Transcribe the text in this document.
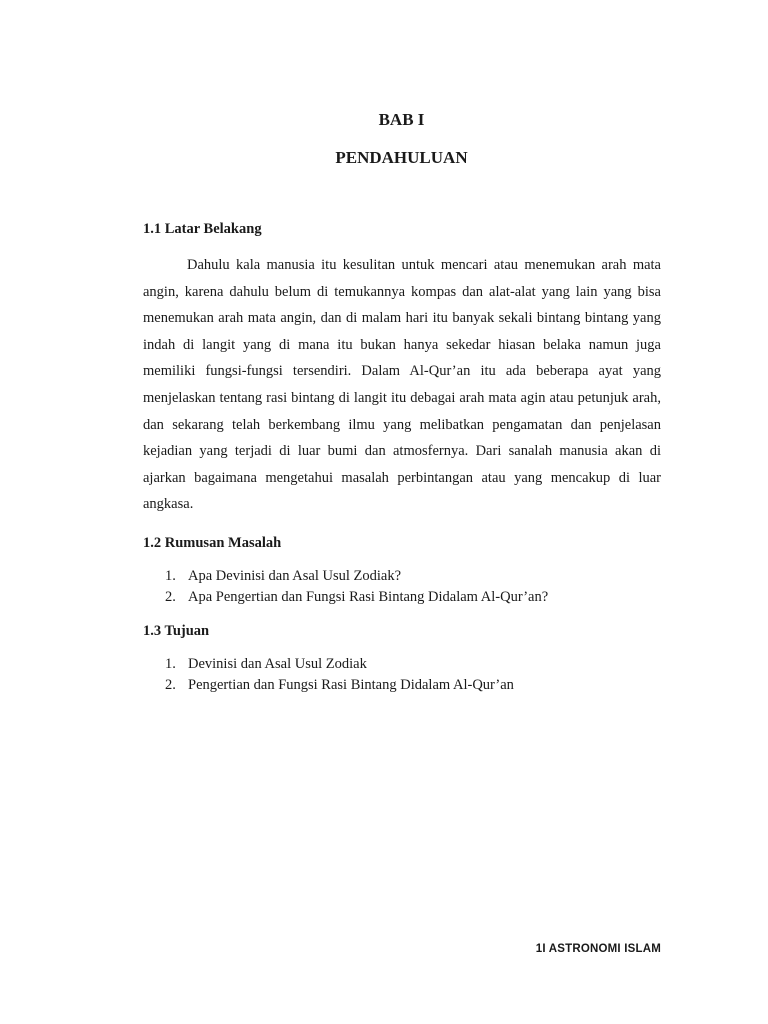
BAB I
PENDAHULUAN
1.1 Latar Belakang

Dahulu kala manusia itu kesulitan untuk mencari atau menemukan arah mata angin, karena dahulu belum di temukannya kompas dan alat-alat yang lain yang bisa menemukan arah mata angin, dan di malam hari itu banyak sekali bintang bintang yang indah di langit yang di mana itu bukan hanya sekedar hiasan belaka namun juga memiliki fungsi-fungsi tersendiri. Dalam Al-Qur’an itu ada beberapa ayat yang menjelaskan tentang rasi bintang di langit itu debagai arah mata agin atau petunjuk arah, dan sekarang telah berkembang ilmu yang melibatkan pengamatan dan penjelasan kejadian yang terjadi di luar bumi dan atmosfernya. Dari sanalah manusia akan di ajarkan bagaimana mengetahui masalah perbintangan atau yang mencakup di luar angkasa.

1.2 Rumusan Masalah
1. Apa Devinisi dan Asal Usul Zodiak?
2. Apa Pengertian dan Fungsi Rasi Bintang Didalam Al-Qur’an?
1.3 Tujuan
1. Devinisi dan Asal Usul Zodiak
2. Pengertian dan Fungsi Rasi Bintang Didalam Al-Qur’an
1I ASTRONOMI ISLAM
